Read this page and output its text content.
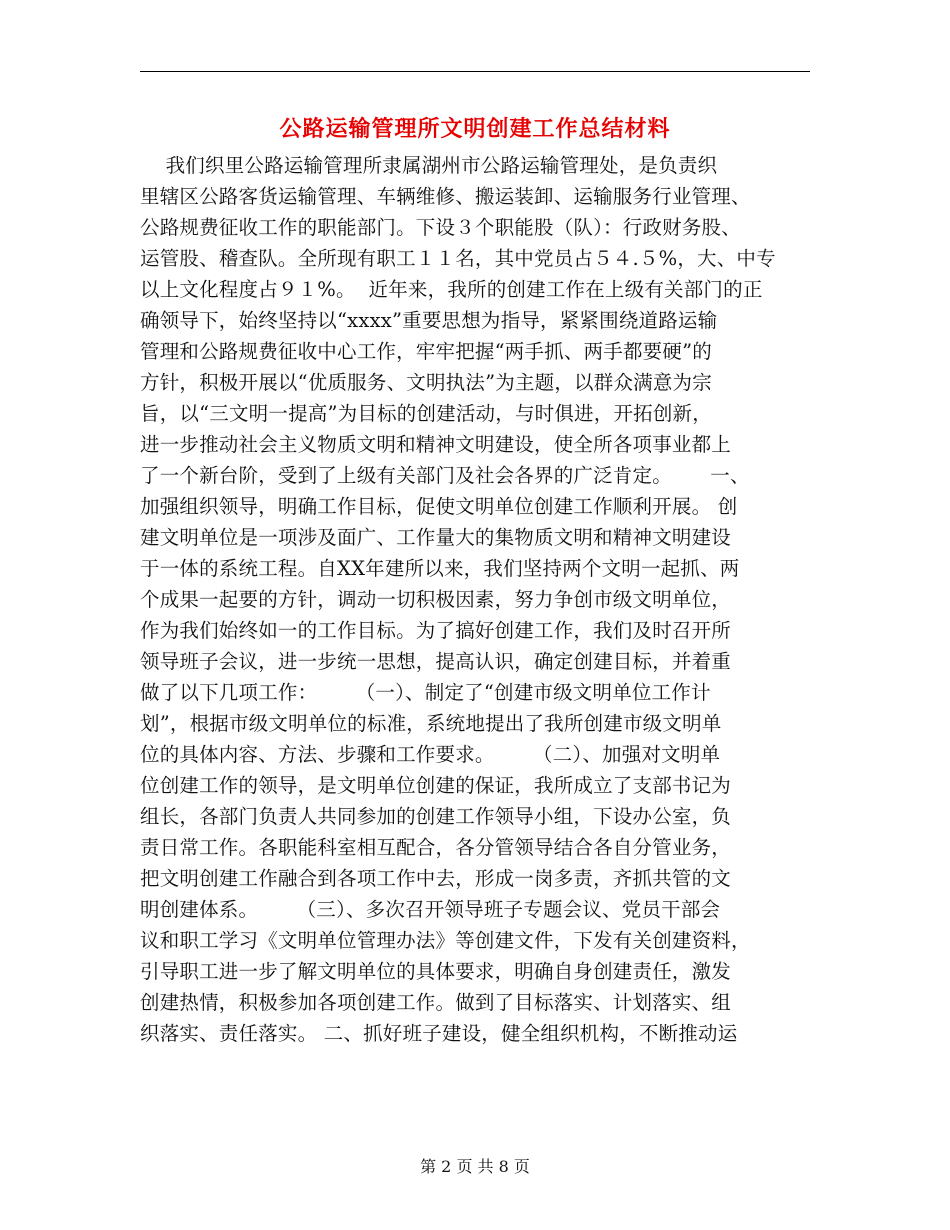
公路运输管理所文明创建工作总结材料
我们织里公路运输管理所隶属湖州市公路运输管理处，是负责织
里辖区公路客货运输管理、车辆维修、搬运装卸、运输服务行业管理、
公路规费征收工作的职能部门。下设３个职能股（队）：行政财务股、
运管股、稽查队。全所现有职工１１名，其中党员占５４.５%，大、中专
以上文化程度占９１%。  近年来，我所的创建工作在上级有关部门的正
确领导下，始终坚持以“xxxx”重要思想为指导，紧紧围绕道路运输
管理和公路规费征收中心工作，牢牢把握“两手抓、两手都要硬”的
方针，积极开展以“优质服务、文明执法”为主题，以群众满意为宗
旨，以“三文明一提高”为目标的创建活动，与时俱进，开拓创新，
进一步推动社会主义物质文明和精神文明建设，使全所各项事业都上
了一个新台阶，受到了上级有关部门及社会各界的广泛肯定。      一、
加强组织领导，明确工作目标，促使文明单位创建工作顺利开展。 创
建文明单位是一项涉及面广、工作量大的集物质文明和精神文明建设
于一体的系统工程。自XX年建所以来，我们坚持两个文明一起抓、两
个成果一起要的方针，调动一切积极因素，努力争创市级文明单位，
作为我们始终如一的工作目标。为了搞好创建工作，我们及时召开所
领导班子会议，进一步统一思想，提高认识，确定创建目标，并着重
做了以下几项工作：      （一）、制定了“创建市级文明单位工作计
划”，根据市级文明单位的标准，系统地提出了我所创建市级文明单
位的具体内容、方法、步骤和工作要求。      （二）、加强对文明单
位创建工作的领导，是文明单位创建的保证，我所成立了支部书记为
组长，各部门负责人共同参加的创建工作领导小组，下设办公室，负
责日常工作。各职能科室相互配合，各分管领导结合各自分管业务，
把文明创建工作融合到各项工作中去，形成一岗多责，齐抓共管的文
明创建体系。      （三）、多次召开领导班子专题会议、党员干部会
议和职工学习《文明单位管理办法》等创建文件，下发有关创建资料，
引导职工进一步了解文明单位的具体要求，明确自身创建责任，激发
创建热情，积极参加各项创建工作。做到了目标落实、计划落实、组
织落实、责任落实。 二、抓好班子建设，健全组织机构，不断推动运
第 2 页 共 8 页
